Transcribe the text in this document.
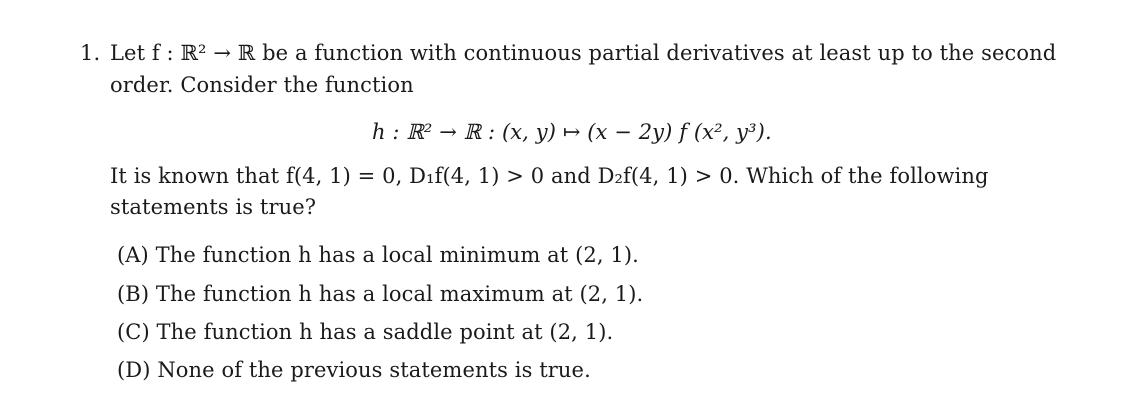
1. Let f : ℝ² → ℝ be a function with continuous partial derivatives at least up to the second
order. Consider the function
h : ℝ² → ℝ : (x, y) ↦ (x − 2y) f (x², y³).
It is known that f(4, 1) = 0, D₁f(4, 1) > 0 and D₂f(4, 1) > 0. Which of the following
statements is true?
(A) The function h has a local minimum at (2, 1).
(B) The function h has a local maximum at (2, 1).
(C) The function h has a saddle point at (2, 1).
(D) None of the previous statements is true.
